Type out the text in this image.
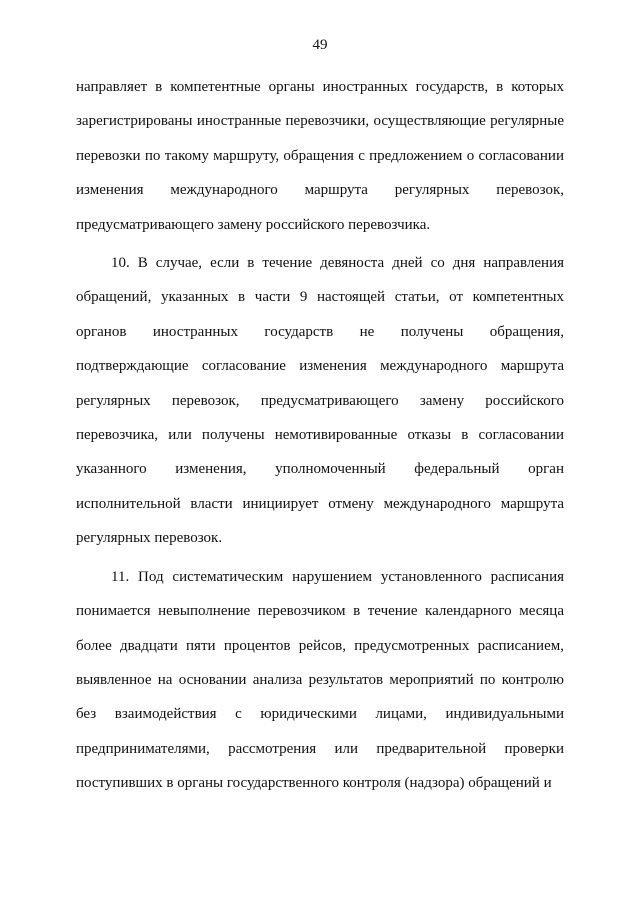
49

направляет в компетентные органы иностранных государств, в которых зарегистрированы иностранные перевозчики, осуществляющие регулярные перевозки по такому маршруту, обращения с предложением о согласовании изменения международного маршрута регулярных перевозок, предусматривающего замену российского перевозчика.

10. В случае, если в течение девяноста дней со дня направления обращений, указанных в части 9 настоящей статьи, от компетентных органов иностранных государств не получены обращения, подтверждающие согласование изменения международного маршрута регулярных перевозок, предусматривающего замену российского перевозчика, или получены немотивированные отказы в согласовании указанного изменения, уполномоченный федеральный орган исполнительной власти инициирует отмену международного маршрута регулярных перевозок.

11. Под систематическим нарушением установленного расписания понимается невыполнение перевозчиком в течение календарного месяца более двадцати пяти процентов рейсов, предусмотренных расписанием, выявленное на основании анализа результатов мероприятий по контролю без взаимодействия с юридическими лицами, индивидуальными предпринимателями, рассмотрения или предварительной проверки поступивших в органы государственного контроля (надзора) обращений и
